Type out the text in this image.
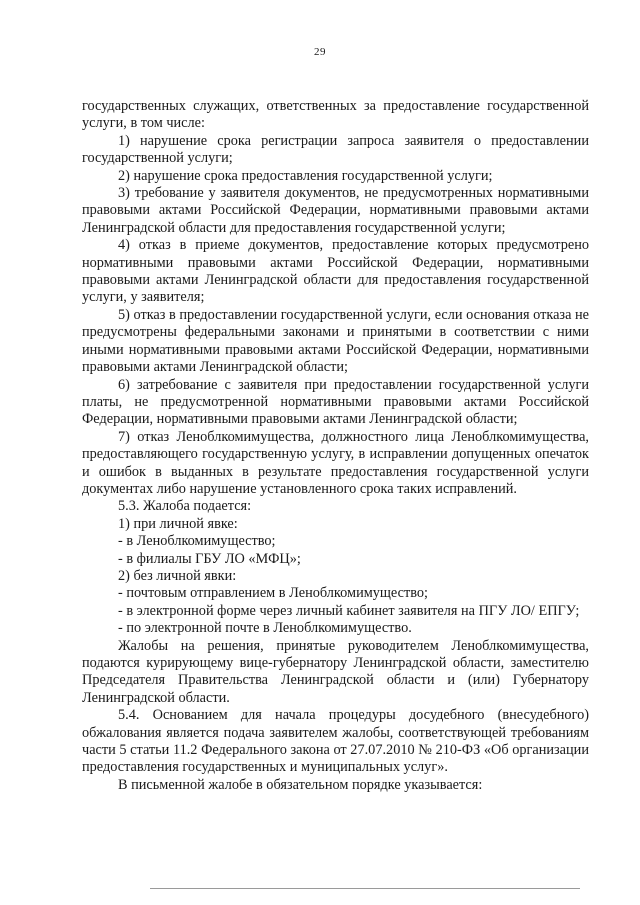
29

государственных служащих, ответственных за предоставление государственной услуги, в том числе:

1) нарушение срока регистрации запроса заявителя о предоставлении государственной услуги;

2) нарушение срока предоставления государственной услуги;

3) требование у заявителя документов, не предусмотренных нормативными правовыми актами Российской Федерации, нормативными правовыми актами Ленинградской области для предоставления государственной услуги;

4) отказ в приеме документов, предоставление которых предусмотрено нормативными правовыми актами Российской Федерации, нормативными правовыми актами Ленинградской области для предоставления государственной услуги, у заявителя;

5) отказ в предоставлении государственной услуги, если основания отказа не предусмотрены федеральными законами и принятыми в соответствии с ними иными нормативными правовыми актами Российской Федерации, нормативными правовыми актами Ленинградской области;

6) затребование с заявителя при предоставлении государственной услуги платы, не предусмотренной нормативными правовыми актами Российской Федерации, нормативными правовыми актами Ленинградской области;

7) отказ Леноблкомимущества, должностного лица Леноблкомимущества, предоставляющего государственную услугу, в исправлении допущенных опечаток и ошибок в выданных в результате предоставления государственной услуги документах либо нарушение установленного срока таких исправлений.

5.3. Жалоба подается:

1) при личной явке:

- в Леноблкомимущество;

- в филиалы ГБУ ЛО «МФЦ»;

2) без личной явки:

- почтовым отправлением в Леноблкомимущество;

- в электронной форме через личный кабинет заявителя на ПГУ ЛО/ ЕПГУ;

- по электронной почте в Леноблкомимущество.

Жалобы на решения, принятые руководителем Леноблкомимущества, подаются курирующему вице-губернатору Ленинградской области, заместителю Председателя Правительства Ленинградской области и (или) Губернатору Ленинградской области.

5.4. Основанием для начала процедуры досудебного (внесудебного) обжалования является подача заявителем жалобы, соответствующей требованиям части 5 статьи 11.2 Федерального закона от 27.07.2010 № 210-ФЗ «Об организации предоставления государственных и муниципальных услуг».

В письменной жалобе в обязательном порядке указывается:
